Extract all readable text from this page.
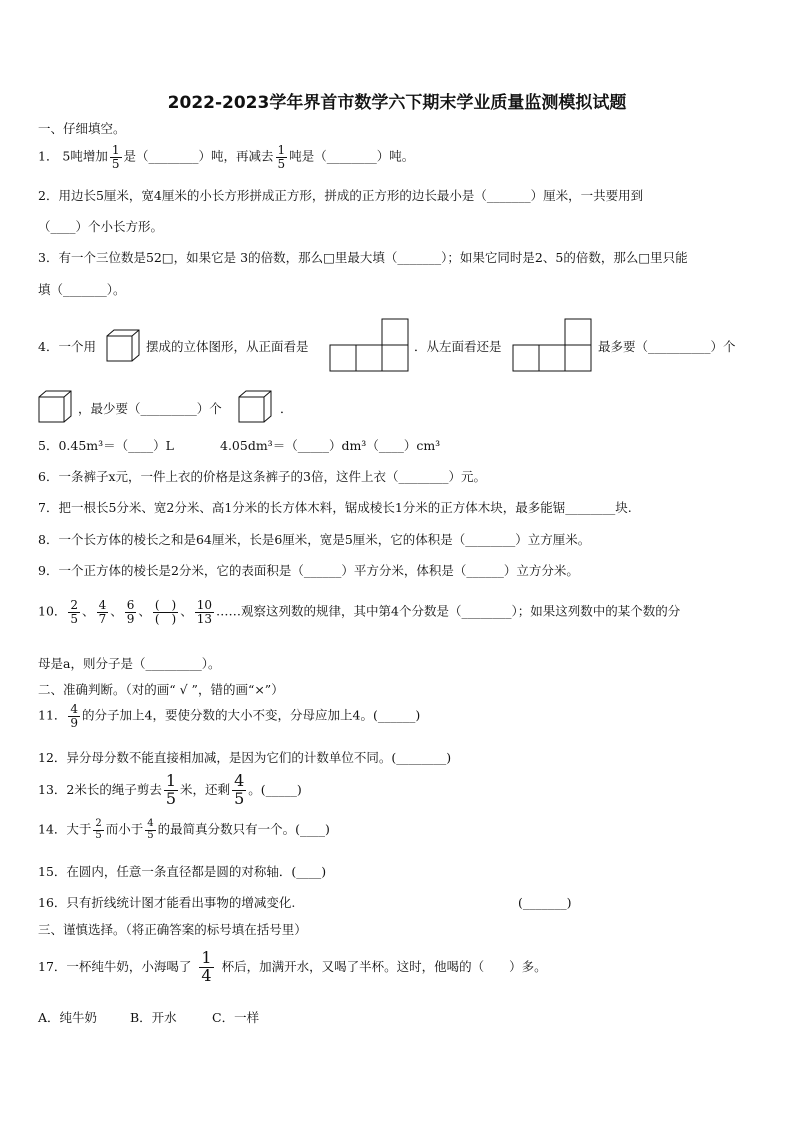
2022-2023学年界首市数学六下期末学业质量监测模拟试题
一、仔细填空。
1． 5吨增加 $\frac{1}{5}$ 是（________）吨，再减去 $\frac{1}{5}$ 吨是（________）吨。
2．用边长5厘米，宽4厘米的小长方形拼成正方形，拼成的正方形的边长最小是（_______）厘米，一共要用到
（____）个小长方形。
3．有一个三位数是52□，如果它是 3的倍数，那么□里最大填（_______）；如果它同时是2、5的倍数，那么□里只能
填（_______）。
4．一个用	摆成的立体图形，从正面看是	．从左面看还是	最多要（__________）个
，最少要（_________）个	．
5．0.45m³＝（____）L	4.05dm³＝（_____）dm³（____）cm³
6．一条裤子x元，一件上衣的价格是这条裤子的3倍，这件上衣（________）元。
7．把一根长5分米、宽2分米、高1分米的长方体木料，锯成棱长1分米的正方体木块，最多能锯________块.
8．一个长方体的棱长之和是64厘米，长是6厘米，宽是5厘米，它的体积是（________）立方厘米。
9．一个正方体的棱长是2分米，它的表面积是（______）平方分米，体积是（______）立方分米。
10． $\frac{2}{5}$ 、 $\frac{4}{7}$ 、 $\frac{6}{9}$ 、 $\frac{( )}{( )}$ 、 $\frac{10}{13}$ ……观察这列数的规律，其中第4个分数是（________）；如果这列数中的某个数的分
母是a，则分子是（_________）。
二、准确判断。（对的画“ √ ”，错的画“×”）
11． $\frac{4}{9}$ 的分子加上4，要使分数的大小不变，分母应加上4。(______)
12．异分母分数不能直接相加减，是因为它们的计数单位不同。(________)
13．2米长的绳子剪去 $\frac{1}{5}$ 米，还剩 $\frac{4}{5}$ 。(_____)
14．大于 $\frac{2}{5}$ 而小于 $\frac{4}{5}$ 的最简真分数只有一个。(____)
15．在圆内，任意一条直径都是圆的对称轴．(____)
16．只有折线统计图才能看出事物的增减变化.	(_______)
三、谨慎选择。（将正确答案的标号填在括号里）
17．一杯纯牛奶，小海喝了 $\frac{1}{4}$ 杯后，加满开水，又喝了半杯。这时，他喝的（　　）多。
A．纯牛奶	B．开水	C．一样
